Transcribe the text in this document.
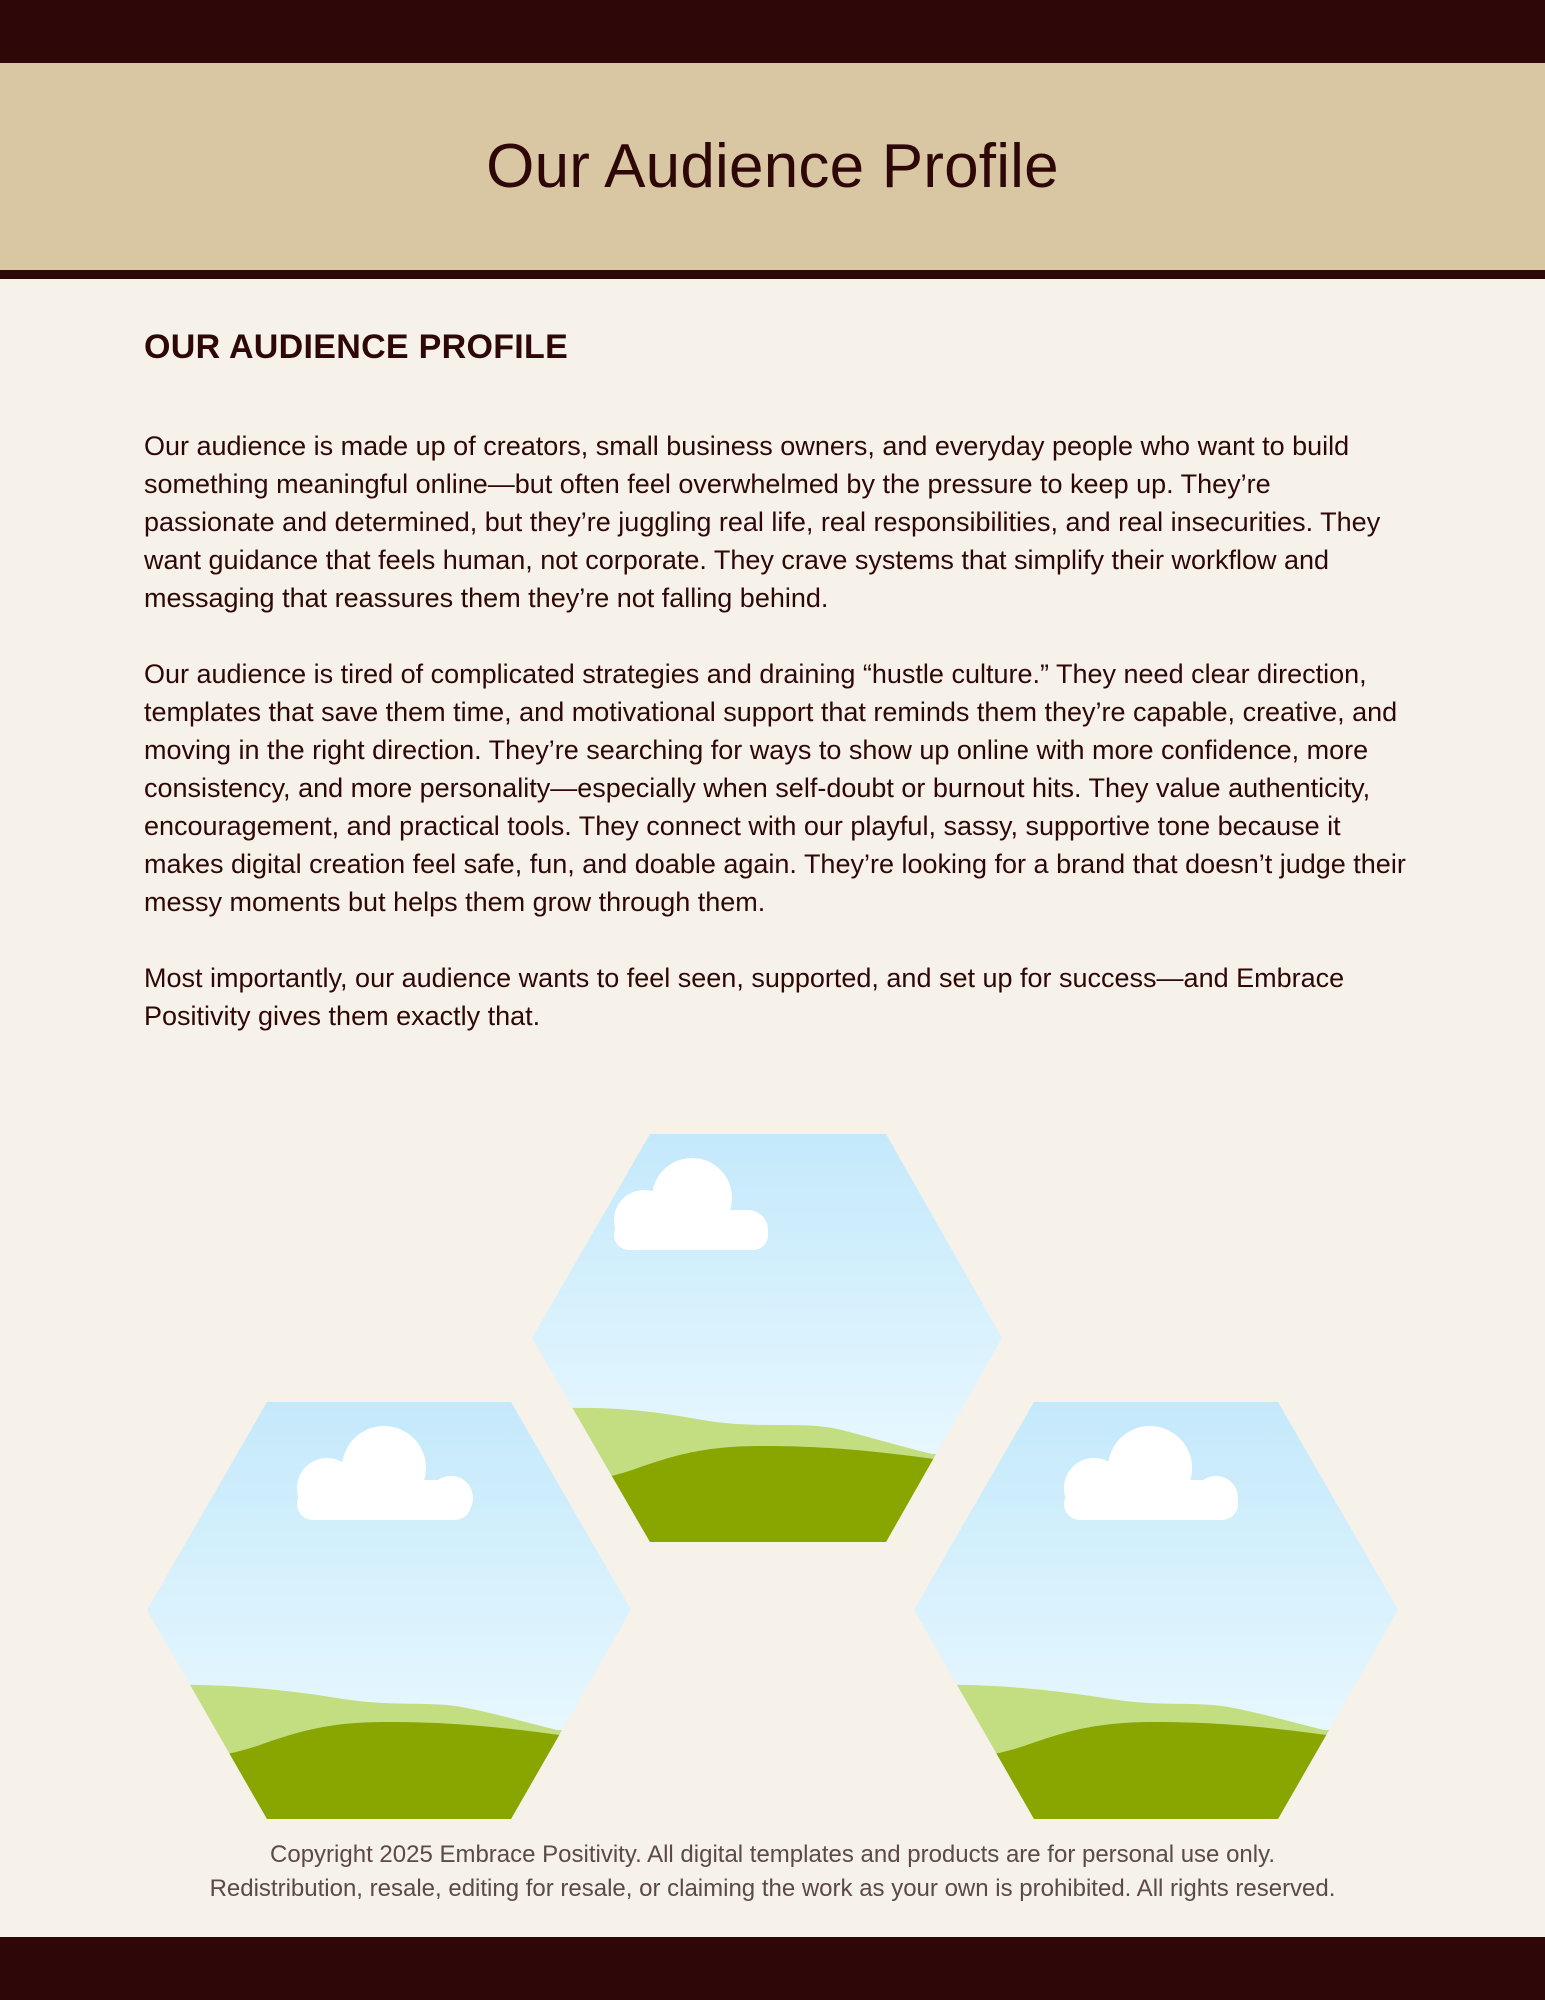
Our Audience Profile
OUR AUDIENCE PROFILE

Our audience is made up of creators, small business owners, and everyday people who want to build something meaningful online—but often feel overwhelmed by the pressure to keep up. They’re passionate and determined, but they’re juggling real life, real responsibilities, and real insecurities. They want guidance that feels human, not corporate. They crave systems that simplify their workflow and messaging that reassures them they’re not falling behind.

Our audience is tired of complicated strategies and draining “hustle culture.” They need clear direction, templates that save them time, and motivational support that reminds them they’re capable, creative, and moving in the right direction. They’re searching for ways to show up online with more confidence, more consistency, and more personality—especially when self-doubt or burnout hits. They value authenticity, encouragement, and practical tools. They connect with our playful, sassy, supportive tone because it makes digital creation feel safe, fun, and doable again. They’re looking for a brand that doesn’t judge their messy moments but helps them grow through them.

Most importantly, our audience wants to feel seen, supported, and set up for success—and Embrace Positivity gives them exactly that.

Copyright 2025 Embrace Positivity. All digital templates and products are for personal use only.
Redistribution, resale, editing for resale, or claiming the work as your own is prohibited. All rights reserved.
